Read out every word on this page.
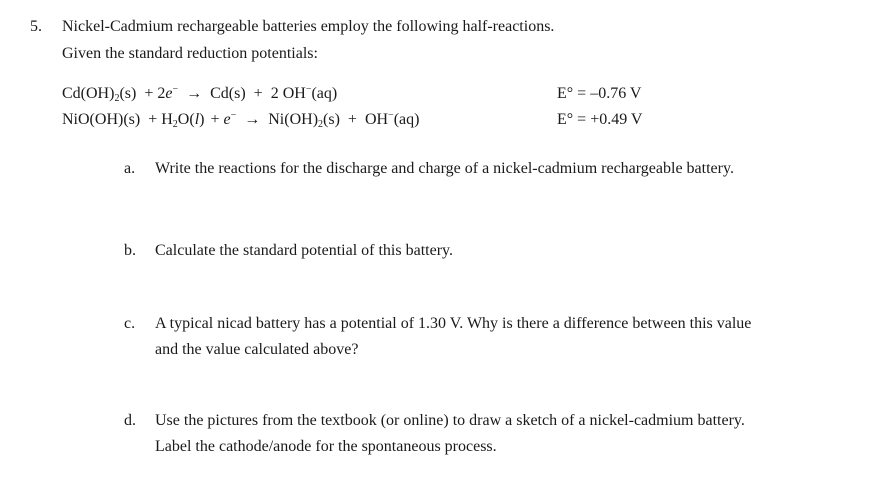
5. Nickel-Cadmium rechargeable batteries employ the following half-reactions.
Given the standard reduction potentials:
Cd(OH)2(s) + 2e− → Cd(s) + 2 OH−(aq)	E° = –0.76 V
NiO(OH)(s) + H2O(l) + e− → Ni(OH)2(s) + OH−(aq)	E° = +0.49 V
a. Write the reactions for the discharge and charge of a nickel-cadmium rechargeable battery.
b. Calculate the standard potential of this battery.
c. A typical nicad battery has a potential of 1.30 V. Why is there a difference between this value
and the value calculated above?
d. Use the pictures from the textbook (or online) to draw a sketch of a nickel-cadmium battery.
Label the cathode/anode for the spontaneous process.
